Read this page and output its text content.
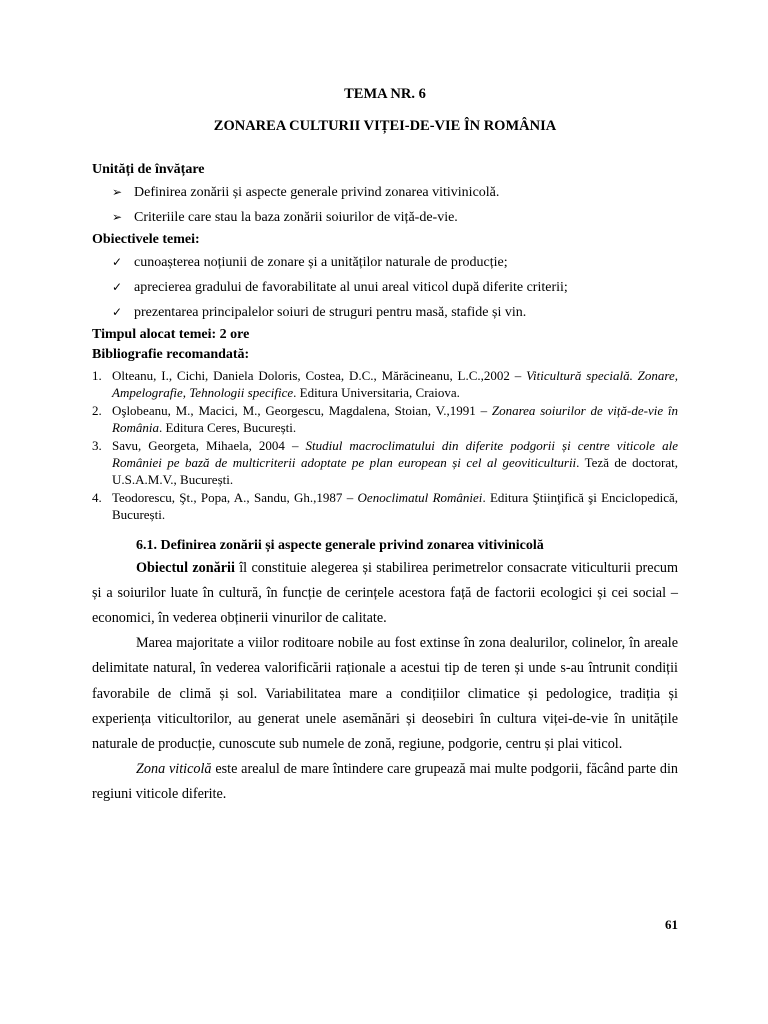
TEMA NR. 6

ZONAREA CULTURII VIȚEI-DE-VIE ÎN ROMÂNIA

Unități de învățare

➢ Definirea zonării și aspecte generale privind zonarea vitivinicolă.
➢ Criteriile care stau la baza zonării soiurilor de viță-de-vie.

Obiectivele temei:

✓ cunoașterea noțiunii de zonare și a unităților naturale de producție;
✓ aprecierea gradului de favorabilitate al unui areal viticol după diferite criterii;
✓ prezentarea principalelor soiuri de struguri pentru masă, stafide și vin.

Timpul alocat temei: 2 ore

Bibliografie recomandată:

1. Olteanu, I., Cichi, Daniela Doloris, Costea, D.C., Mărăcineanu, L.C.,2002 – Viticultură specială. Zonare, Ampelografie, Tehnologii specifice. Editura Universitaria, Craiova.
2. Oşlobeanu, M., Macici, M., Georgescu, Magdalena, Stoian, V.,1991 – Zonarea soiurilor de viță-de-vie în România. Editura Ceres, București.
3. Savu, Georgeta, Mihaela, 2004 – Studiul macroclimatului din diferite podgorii și centre viticole ale României pe bază de multicriterii adoptate pe plan european și cel al geoviticulturii. Teză de doctorat, U.S.A.M.V., București.
4. Teodorescu, Şt., Popa, A., Sandu, Gh.,1987 – Oenoclimatul României. Editura Ştiinţifică şi Enciclopedică, București.

6.1. Definirea zonării și aspecte generale privind zonarea vitivinicolă

Obiectul zonării îl constituie alegerea și stabilirea perimetrelor consacrate viticulturii precum și a soiurilor luate în cultură, în funcție de cerințele acestora față de factorii ecologici și cei social – economici, în vederea obținerii vinurilor de calitate.

Marea majoritate a viilor roditoare nobile au fost extinse în zona dealurilor, colinelor, în areale delimitate natural, în vederea valorificării raționale a acestui tip de teren și unde s-au întrunit condiții favorabile de climă și sol. Variabilitatea mare a condițiilor climatice și pedologice, tradiția și experiența viticultorilor, au generat unele asemănări și deosebiri în cultura viței-de-vie în unitățile naturale de producție, cunoscute sub numele de zonă, regiune, podgorie, centru și plai viticol.

Zona viticolă este arealul de mare întindere care grupează mai multe podgorii, făcând parte din regiuni viticole diferite.

61
